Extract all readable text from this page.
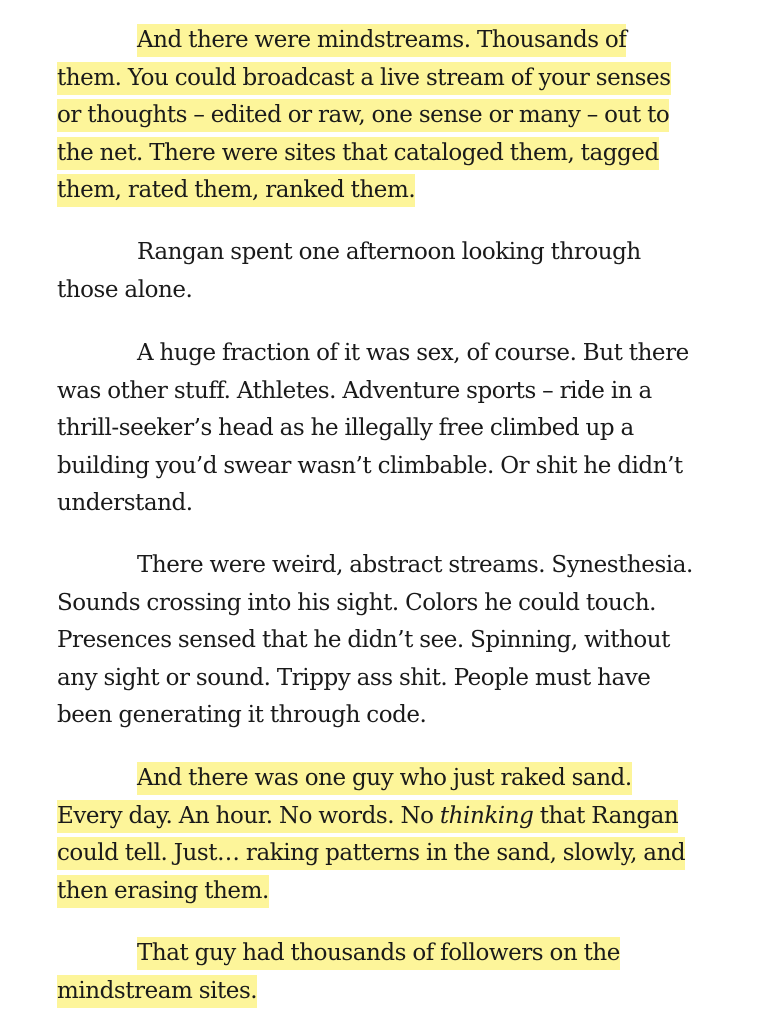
And there were mindstreams. Thousands of
them. You could broadcast a live stream of your senses
or thoughts – edited or raw, one sense or many – out to
the net. There were sites that cataloged them, tagged
them, rated them, ranked them.

Rangan spent one afternoon looking through
those alone.

A huge fraction of it was sex, of course. But there
was other stuff. Athletes. Adventure sports – ride in a
thrill-seeker’s head as he illegally free climbed up a
building you’d swear wasn’t climbable. Or shit he didn’t
understand.

There were weird, abstract streams. Synesthesia.
Sounds crossing into his sight. Colors he could touch.
Presences sensed that he didn’t see. Spinning, without
any sight or sound. Trippy ass shit. People must have
been generating it through code.

And there was one guy who just raked sand.
Every day. An hour. No words. No thinking that Rangan
could tell. Just… raking patterns in the sand, slowly, and
then erasing them.

That guy had thousands of followers on the
mindstream sites.
